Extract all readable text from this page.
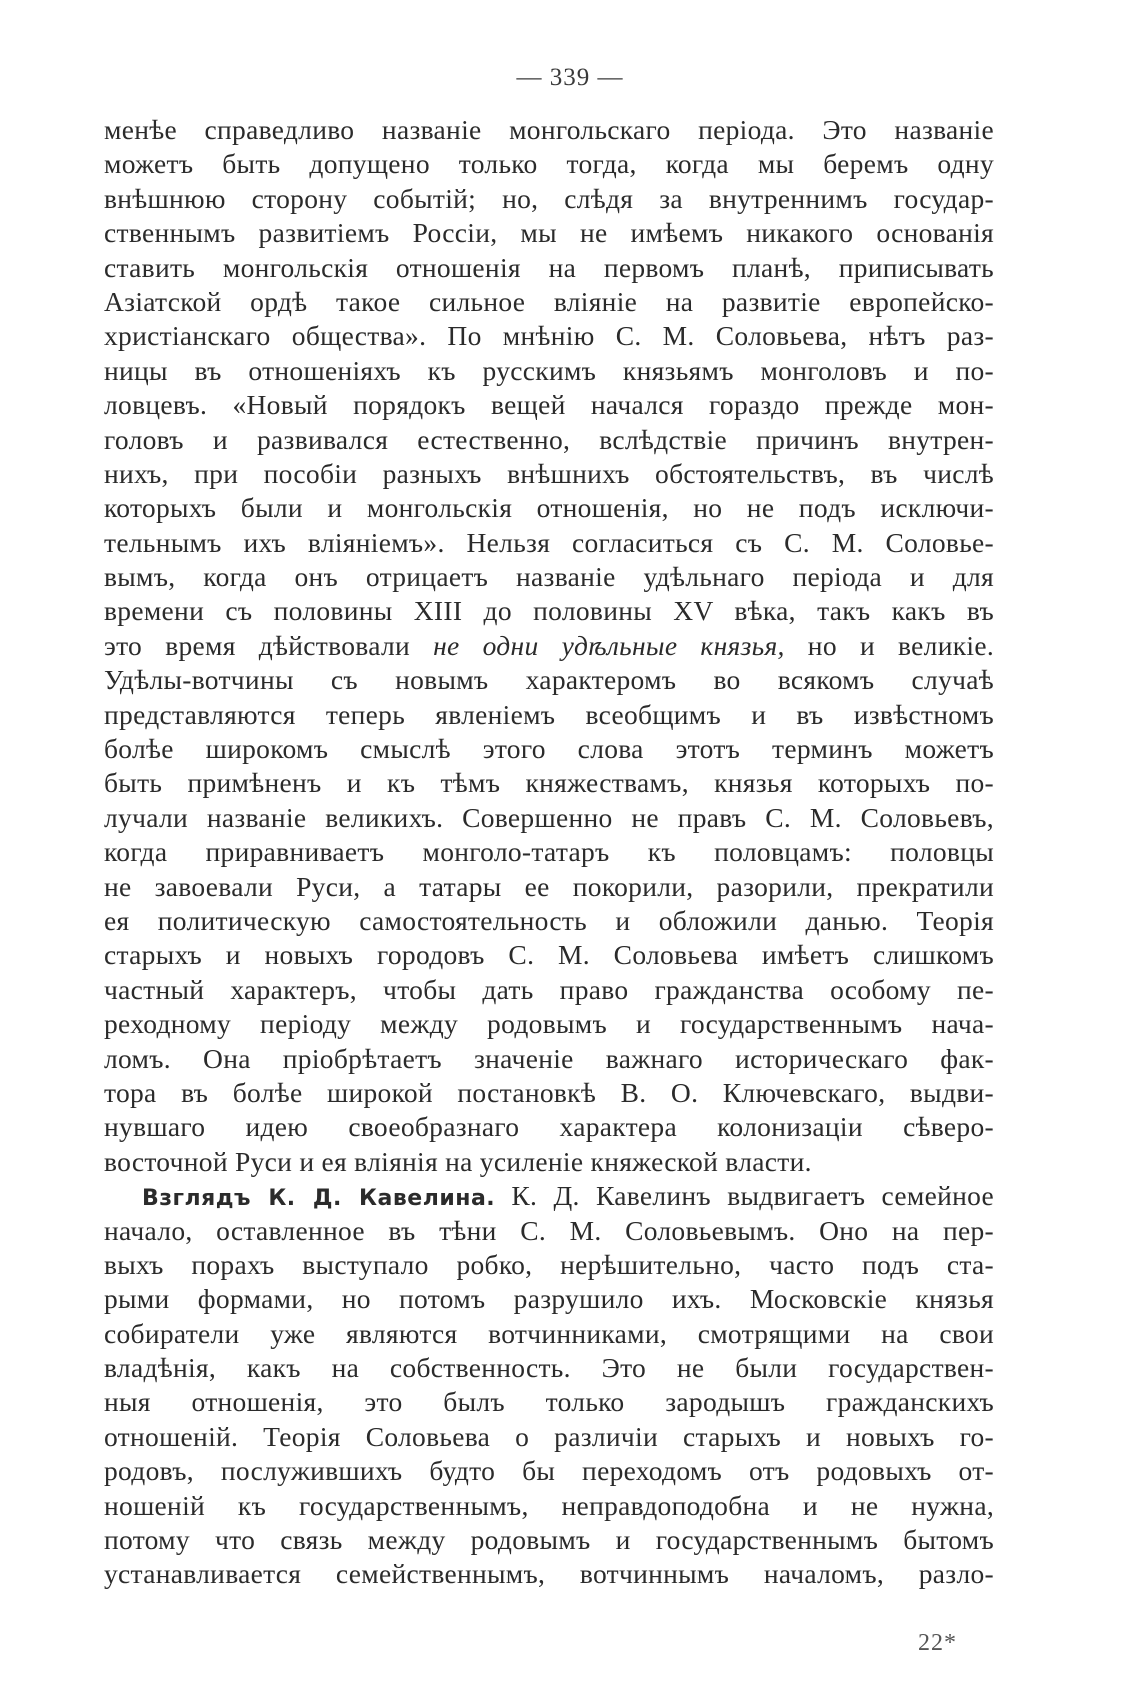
— 339 —
менѣе справедливо названіе монгольскаго періода. Это названіе
можетъ быть допущено только тогда, когда мы беремъ одну
внѣшнюю сторону событій; но, слѣдя за внутреннимъ государ-
ственнымъ развитіемъ Россіи, мы не имѣемъ никакого основанія
ставить монгольскія отношенія на первомъ планѣ, приписывать
Азіатской ордѣ такое сильное вліяніе на развитіе европейско-
христіанскаго общества». По мнѣнію С. М. Соловьева, нѣтъ раз-
ницы въ отношеніяхъ къ русскимъ князьямъ монголовъ и по-
ловцевъ. «Новый порядокъ вещей начался гораздо прежде мон-
головъ и развивался естественно, вслѣдствіе причинъ внутрен-
нихъ, при пособіи разныхъ внѣшнихъ обстоятельствъ, въ числѣ
которыхъ были и монгольскія отношенія, но не подъ исключи-
тельнымъ ихъ вліяніемъ». Нельзя согласиться съ С. М. Соловье-
вымъ, когда онъ отрицаетъ названіе удѣльнаго періода и для
времени съ половины XIII до половины XV вѣка, такъ какъ въ
это время дѣйствовали не одни удѣльные князья, но и великіе.
Удѣлы-вотчины съ новымъ характеромъ во всякомъ случаѣ
представляются теперь явленіемъ всеобщимъ и въ извѣстномъ
болѣе широкомъ смыслѣ этого слова этотъ терминъ можетъ
быть примѣненъ и къ тѣмъ княжествамъ, князья которыхъ по-
лучали названіе великихъ. Совершенно не правъ С. М. Соловьевъ,
когда приравниваетъ монголо-татаръ къ половцамъ: половцы
не завоевали Руси, а татары ее покорили, разорили, прекратили
ея политическую самостоятельность и обложили данью. Теорія
старыхъ и новыхъ городовъ С. М. Соловьева имѣетъ слишкомъ
частный характеръ, чтобы дать право гражданства особому пе-
реходному періоду между родовымъ и государственнымъ нача-
ломъ. Она пріобрѣтаетъ значеніе важнаго историческаго фак-
тора въ болѣе широкой постановкѣ В. О. Ключевскаго, выдви-
нувшаго идею своеобразнаго характера колонизаціи сѣверо-
восточной Руси и ея вліянія на усиленіе княжеской власти.
Взглядъ К. Д. Кавелина. К. Д. Кавелинъ выдвигаетъ семейное
начало, оставленное въ тѣни С. М. Соловьевымъ. Оно на пер-
выхъ порахъ выступало робко, нерѣшительно, часто подъ ста-
рыми формами, но потомъ разрушило ихъ. Московскіе князья
собиратели уже являются вотчинниками, смотрящими на свои
владѣнія, какъ на собственность. Это не были государствен-
ныя отношенія, это былъ только зародышъ гражданскихъ
отношеній. Теорія Соловьева о различіи старыхъ и новыхъ го-
родовъ, послужившихъ будто бы переходомъ отъ родовыхъ от-
ношеній къ государственнымъ, неправдоподобна и не нужна,
потому что связь между родовымъ и государственнымъ бытомъ
устанавливается семейственнымъ, вотчиннымъ началомъ, разло-
22*
